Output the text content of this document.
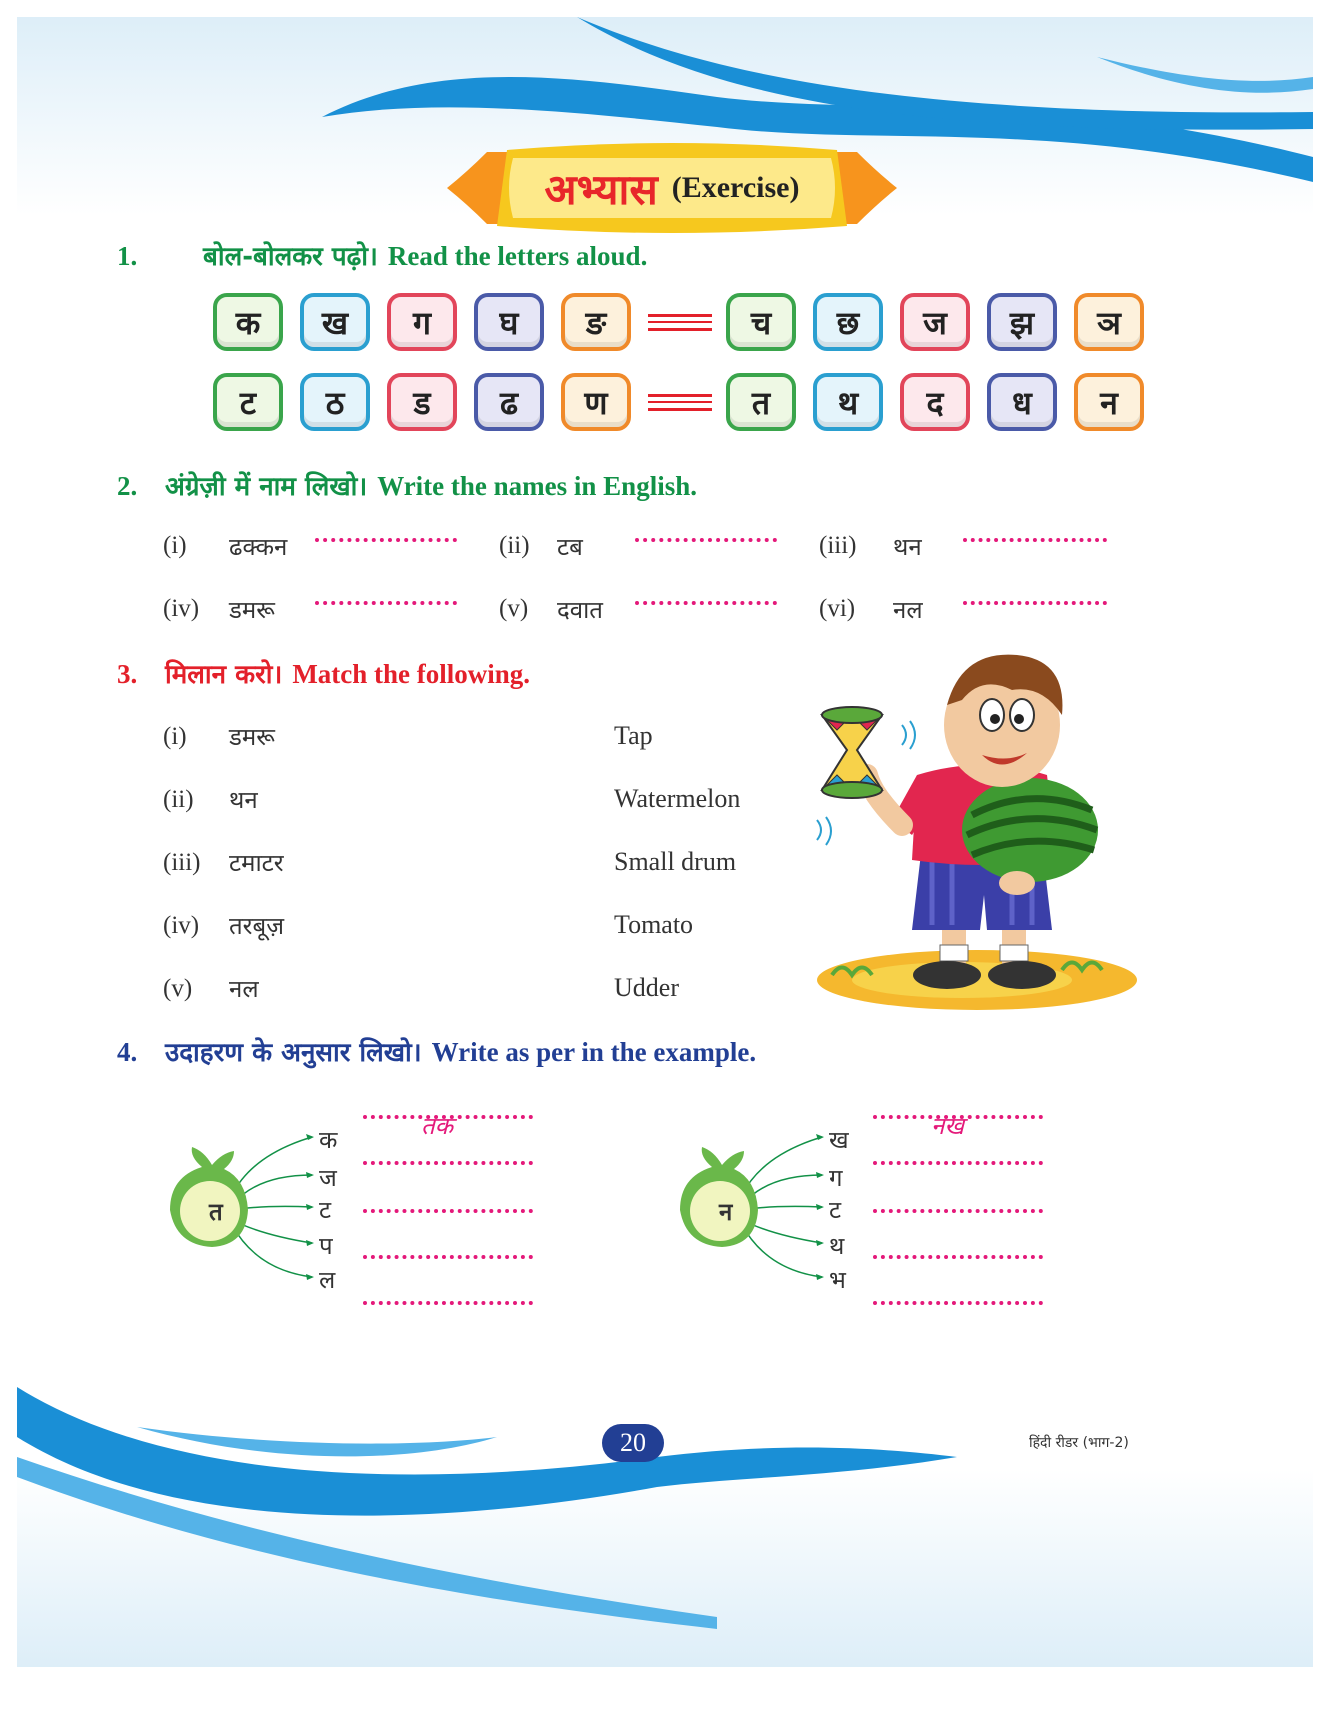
अभ्यास (Exercise)
1.	बोल-बोलकर पढ़ो। Read the letters aloud.
क	ख	ग	घ	ङ	च	छ	ज	झ	ञ
ट	ठ	ड	ढ	ण	त	थ	द	ध	न
2.	अंग्रेज़ी में नाम लिखो। Write the names in English.
(i) ढक्कन	(ii) टब	(iii) थन
(iv) डमरू	(v) दवात	(vi) नल
3.	मिलान करो। Match the following.
(i) डमरू	Tap
(ii) थन	Watermelon
(iii) टमाटर	Small drum
(iv) तरबूज़	Tomato
(v) नल	Udder
4.	उदाहरण के अनुसार लिखो। Write as per in the example.
त
क
ज
ट
प
ल
तक
न
ख
ग
ट
थ
भ
नख
20	हिंदी रीडर (भाग-2)
